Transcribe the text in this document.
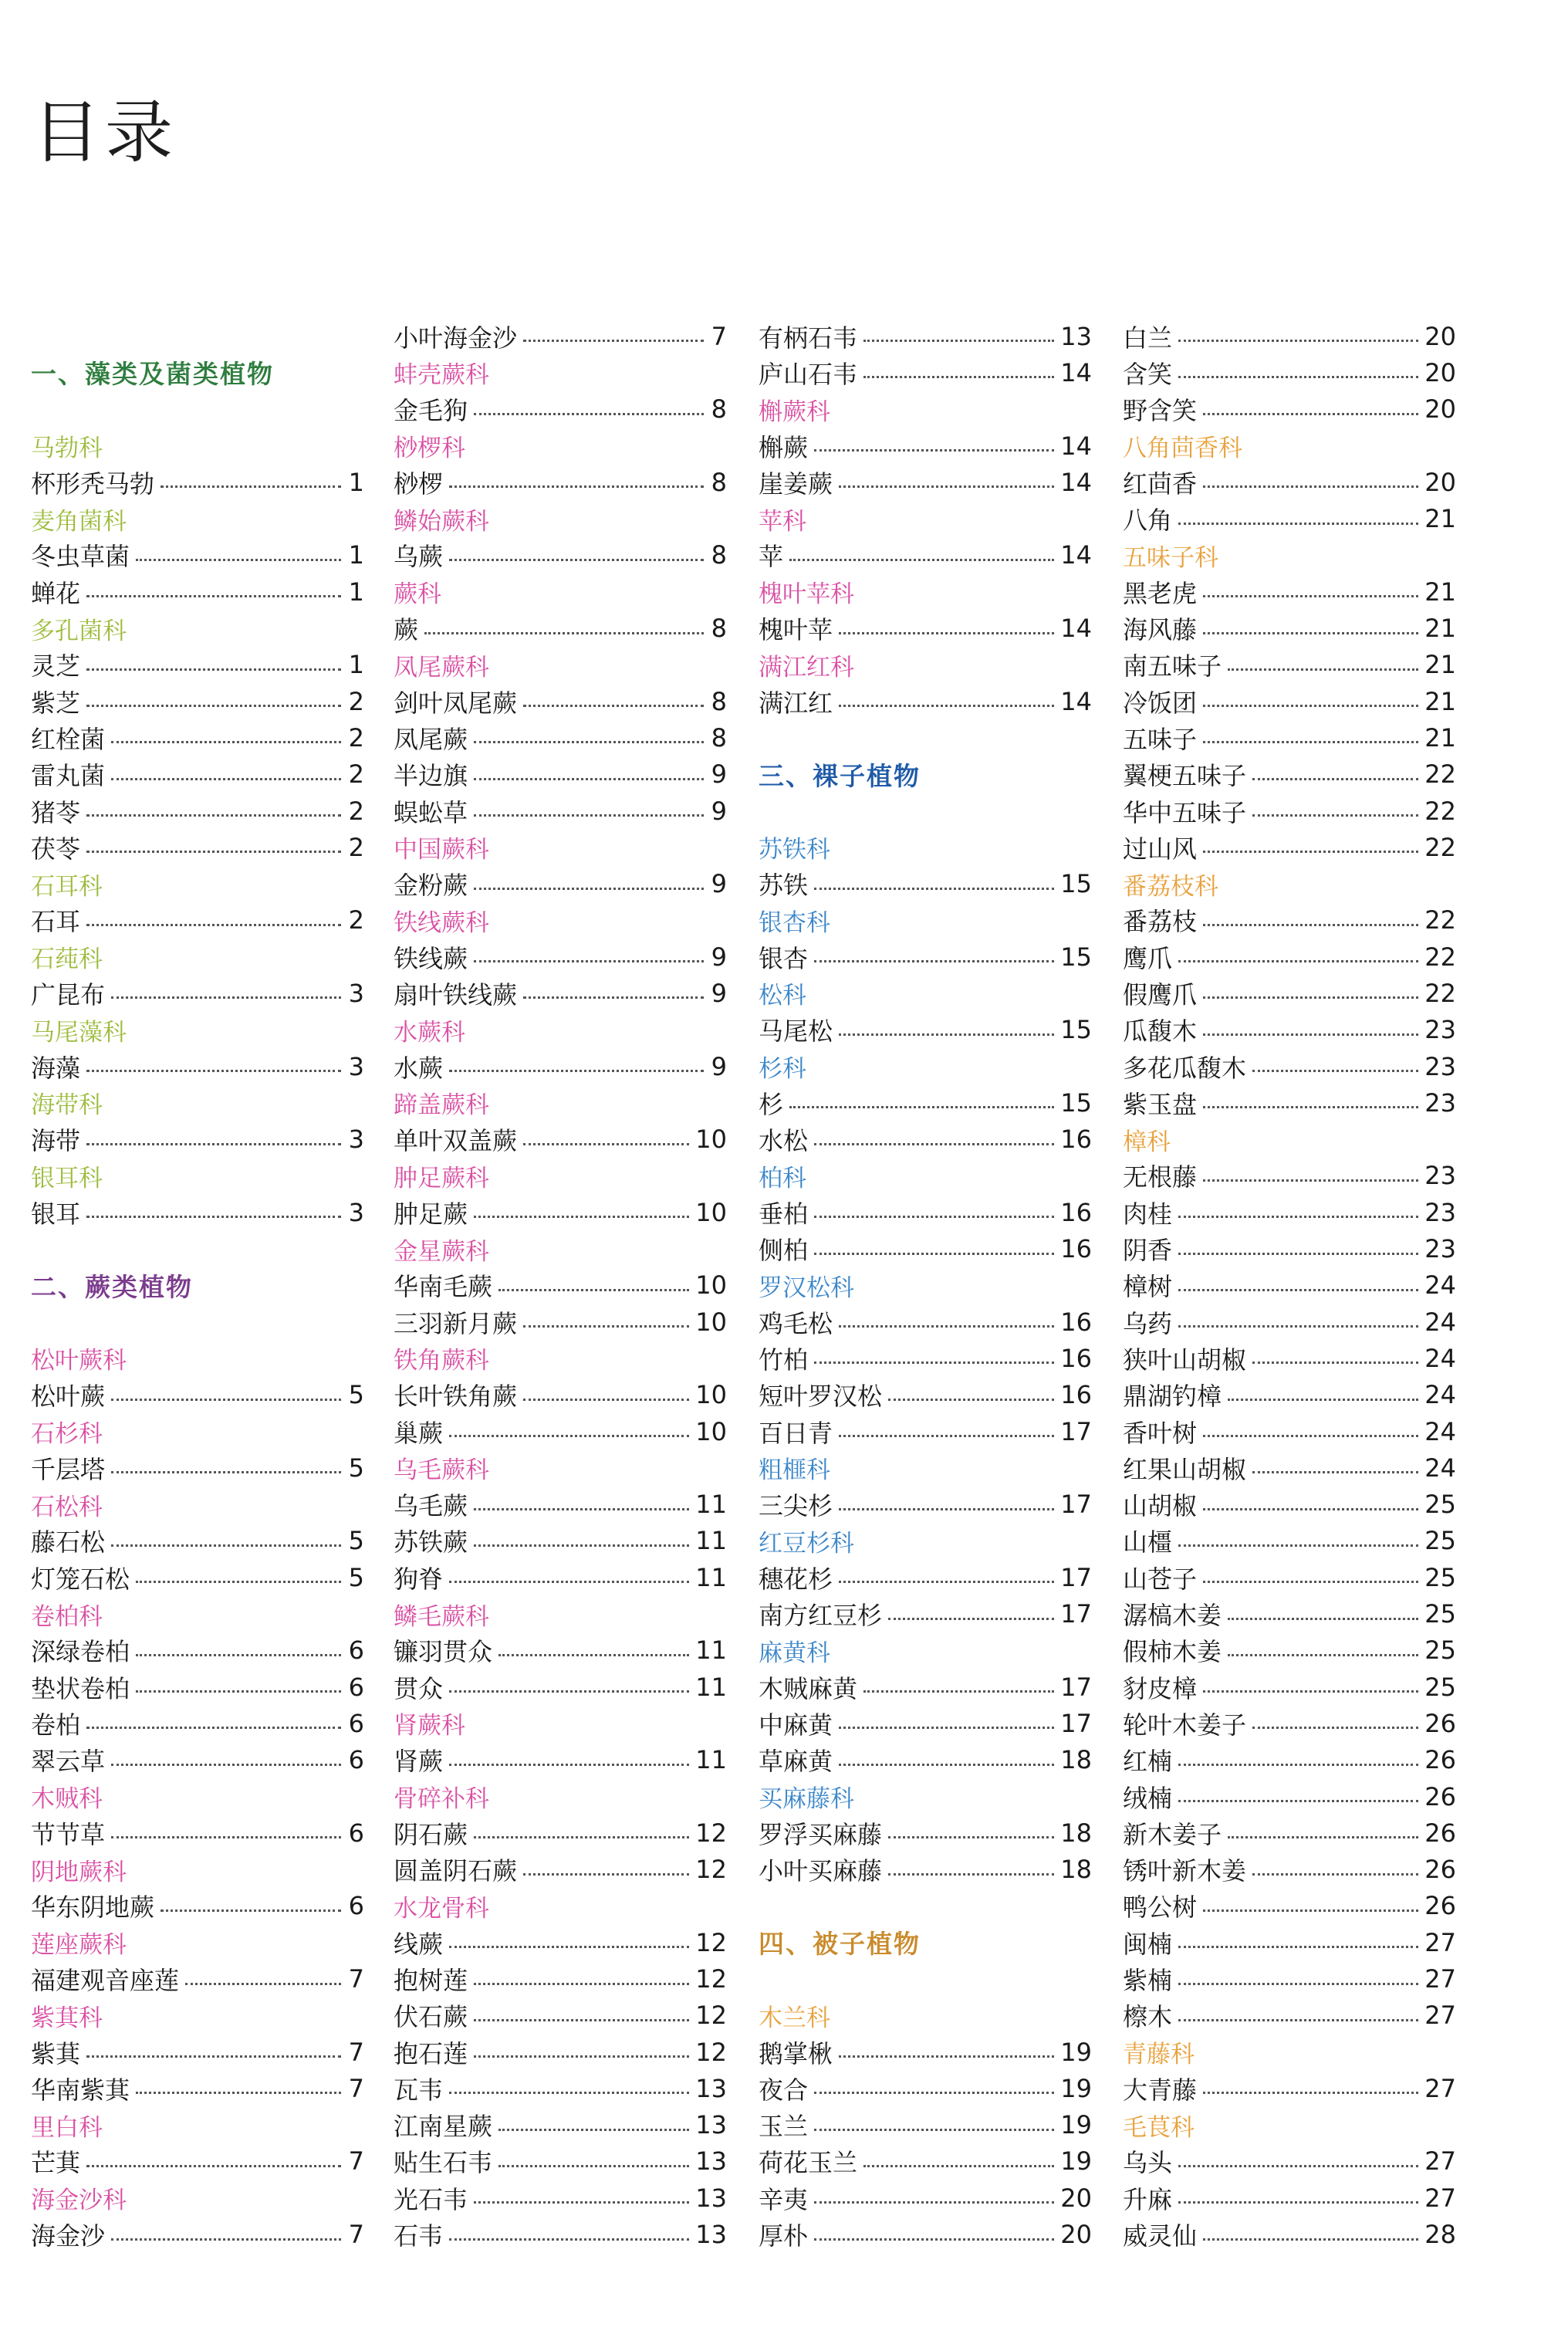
目录
一、藻类及菌类植物
马勃科
杯形秃马勃	1
麦角菌科
冬虫草菌	1
蝉花	1
多孔菌科
灵芝	1
紫芝	2
红栓菌	2
雷丸菌	2
猪苓	2
茯苓	2
石耳科
石耳	2
石莼科
广昆布	3
马尾藻科
海藻	3
海带科
海带	3
银耳科
银耳	3
二、蕨类植物
松叶蕨科
松叶蕨	5
石杉科
千层塔	5
石松科
藤石松	5
灯笼石松	5
卷柏科
深绿卷柏	6
垫状卷柏	6
卷柏	6
翠云草	6
木贼科
节节草	6
阴地蕨科
华东阴地蕨	6
莲座蕨科
福建观音座莲	7
紫萁科
紫萁	7
华南紫萁	7
里白科
芒萁	7
海金沙科
海金沙	7
小叶海金沙	7
蚌壳蕨科
金毛狗	8
桫椤科
桫椤	8
鳞始蕨科
乌蕨	8
蕨科
蕨	8
凤尾蕨科
剑叶凤尾蕨	8
凤尾蕨	8
半边旗	9
蜈蚣草	9
中国蕨科
金粉蕨	9
铁线蕨科
铁线蕨	9
扇叶铁线蕨	9
水蕨科
水蕨	9
蹄盖蕨科
单叶双盖蕨	10
肿足蕨科
肿足蕨	10
金星蕨科
华南毛蕨	10
三羽新月蕨	10
铁角蕨科
长叶铁角蕨	10
巢蕨	10
乌毛蕨科
乌毛蕨	11
苏铁蕨	11
狗脊	11
鳞毛蕨科
镰羽贯众	11
贯众	11
肾蕨科
肾蕨	11
骨碎补科
阴石蕨	12
圆盖阴石蕨	12
水龙骨科
线蕨	12
抱树莲	12
伏石蕨	12
抱石莲	12
瓦韦	13
江南星蕨	13
贴生石韦	13
光石韦	13
石韦	13
有柄石韦	13
庐山石韦	14
槲蕨科
槲蕨	14
崖姜蕨	14
苹科
苹	14
槐叶苹科
槐叶苹	14
满江红科
满江红	14
三、裸子植物
苏铁科
苏铁	15
银杏科
银杏	15
松科
马尾松	15
杉科
杉	15
水松	16
柏科
垂柏	16
侧柏	16
罗汉松科
鸡毛松	16
竹柏	16
短叶罗汉松	16
百日青	17
粗榧科
三尖杉	17
红豆杉科
穗花杉	17
南方红豆杉	17
麻黄科
木贼麻黄	17
中麻黄	17
草麻黄	18
买麻藤科
罗浮买麻藤	18
小叶买麻藤	18
四、被子植物
木兰科
鹅掌楸	19
夜合	19
玉兰	19
荷花玉兰	19
辛夷	20
厚朴	20
白兰	20
含笑	20
野含笑	20
八角茴香科
红茴香	20
八角	21
五味子科
黑老虎	21
海风藤	21
南五味子	21
冷饭团	21
五味子	21
翼梗五味子	22
华中五味子	22
过山风	22
番荔枝科
番荔枝	22
鹰爪	22
假鹰爪	22
瓜馥木	23
多花瓜馥木	23
紫玉盘	23
樟科
无根藤	23
肉桂	23
阴香	23
樟树	24
乌药	24
狭叶山胡椒	24
鼎湖钓樟	24
香叶树	24
红果山胡椒	24
山胡椒	25
山橿	25
山苍子	25
潺槁木姜	25
假柿木姜	25
豺皮樟	25
轮叶木姜子	26
红楠	26
绒楠	26
新木姜子	26
锈叶新木姜	26
鸭公树	26
闽楠	27
紫楠	27
檫木	27
青藤科
大青藤	27
毛茛科
乌头	27
升麻	27
威灵仙	28
